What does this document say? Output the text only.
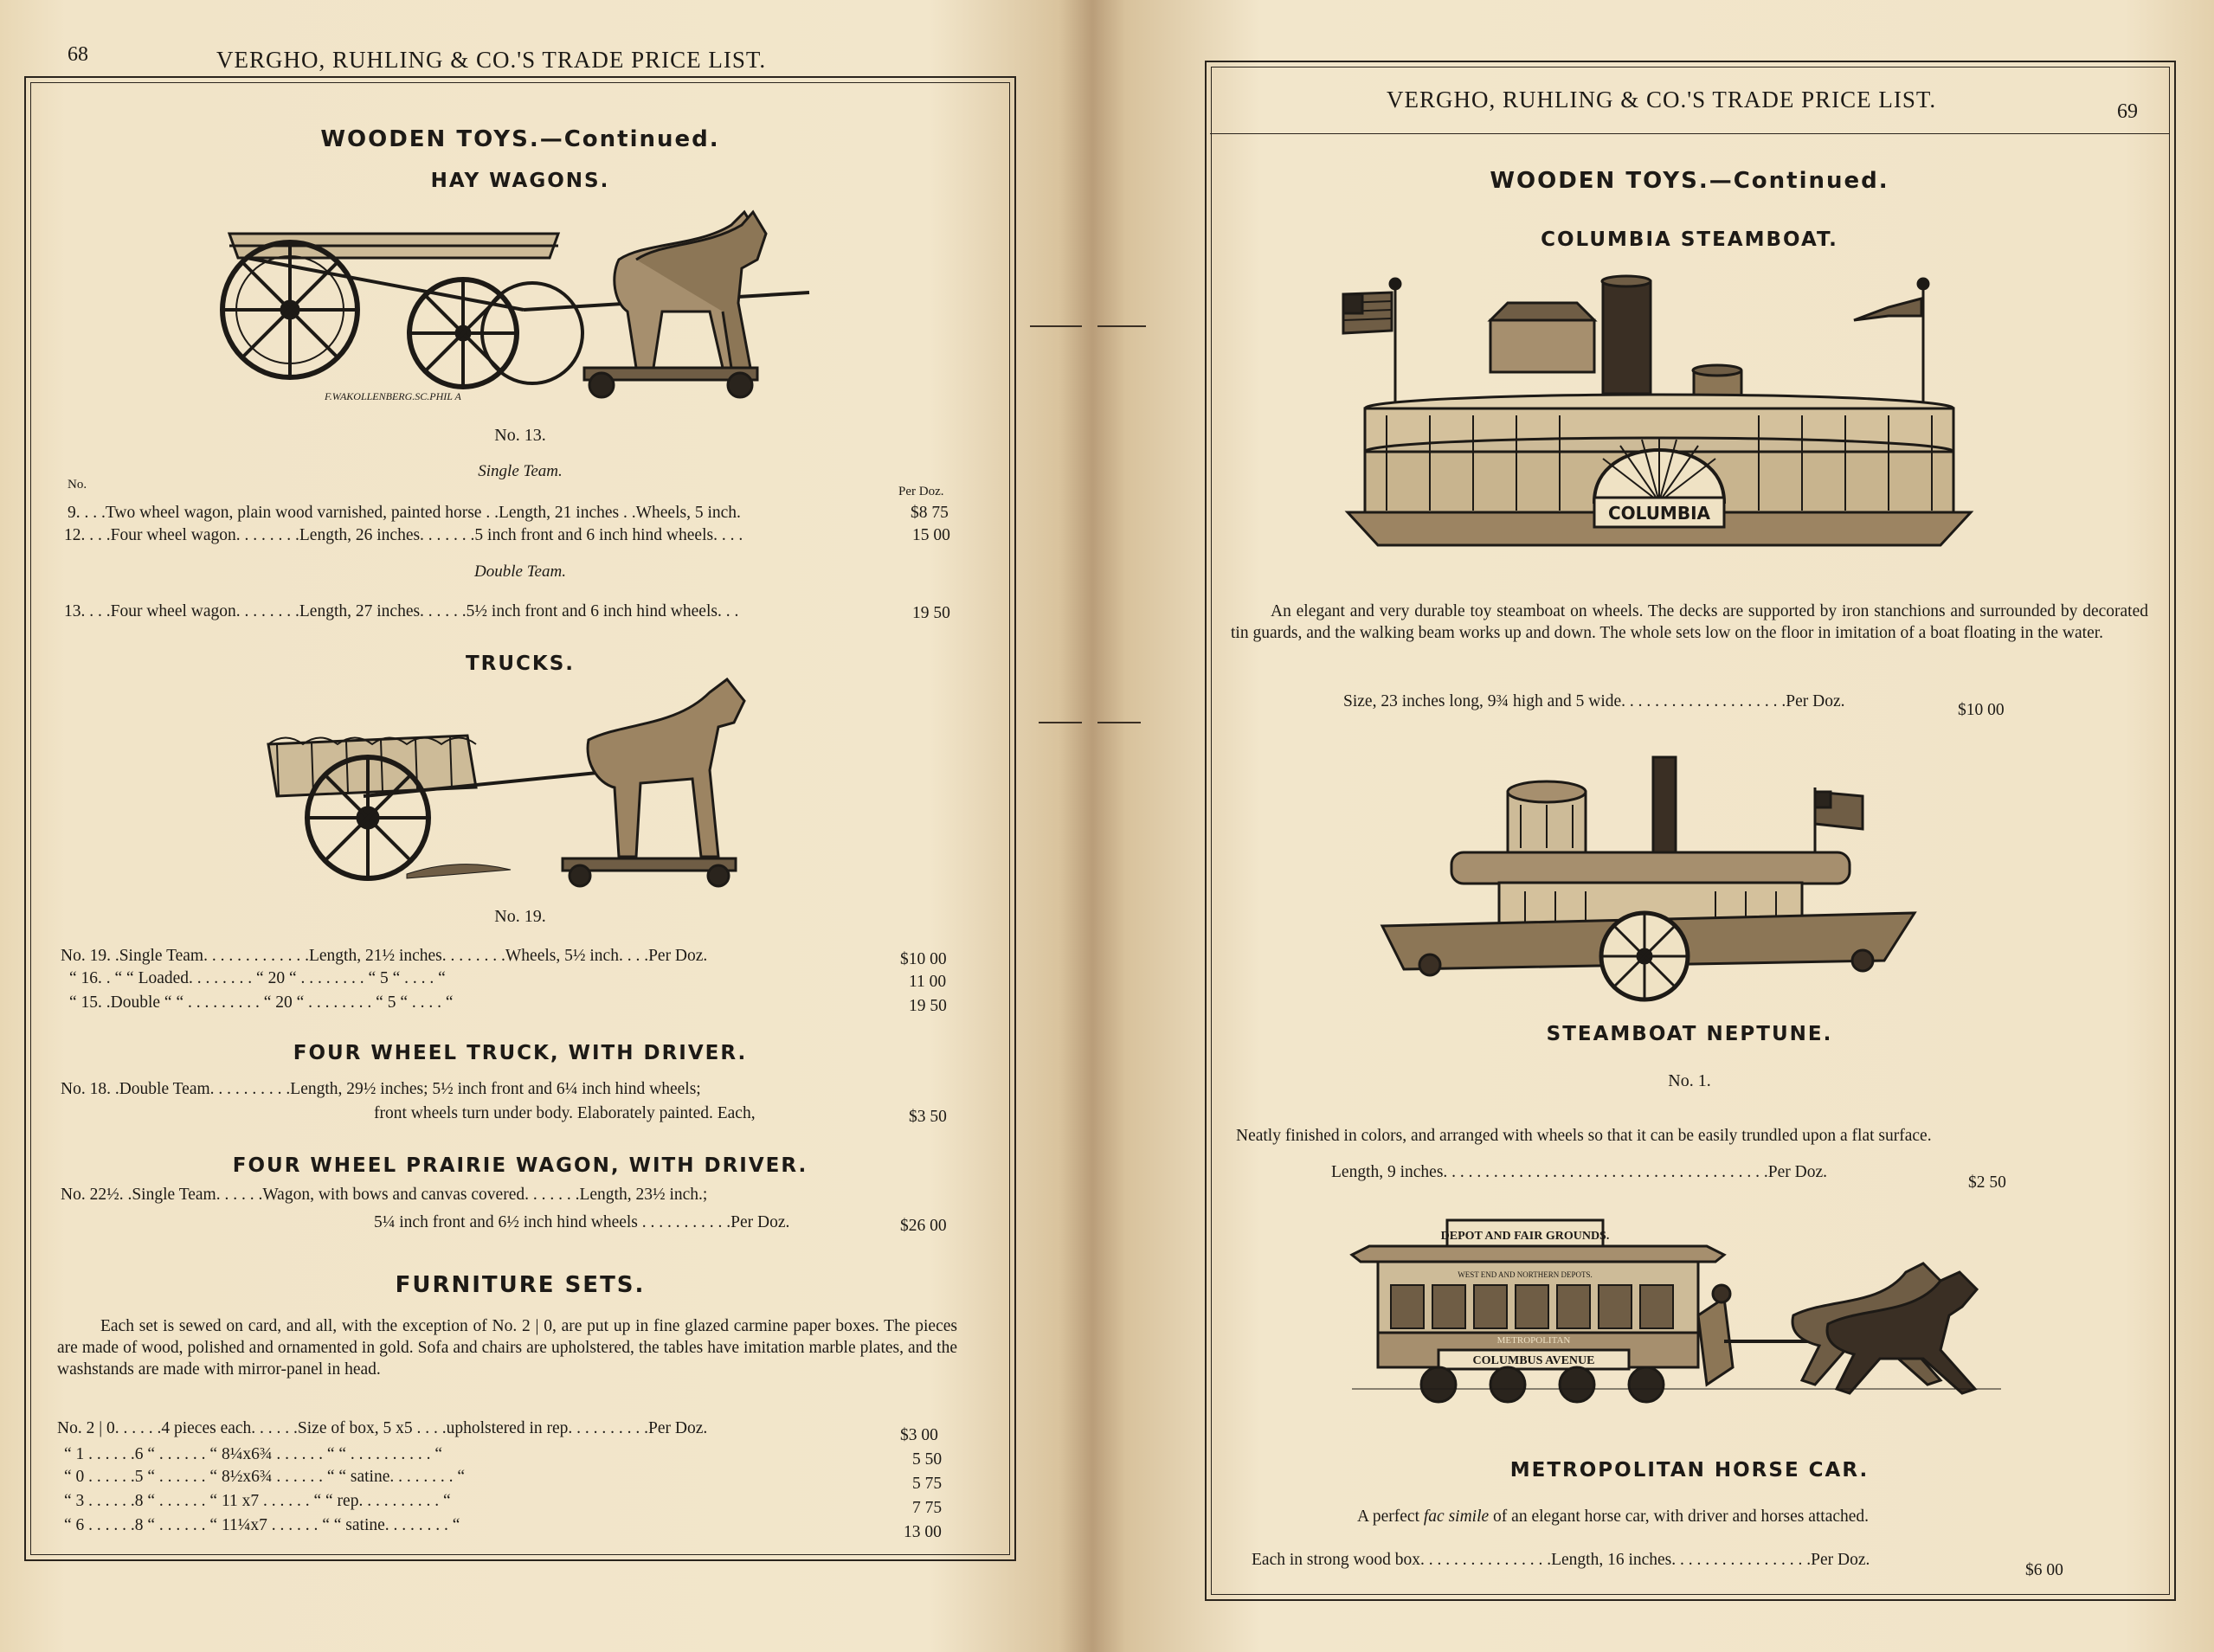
68	VERGHO, RUHLING & CO.'S TRADE PRICE LIST.
WOODEN TOYS.—Continued.
HAY WAGONS.
F.WAKOLLENBERG.SC.PHIL A
No. 13.
Single Team.
No.	Per Doz.
9. . . .Two wheel wagon, plain wood varnished, painted horse . .Length, 21 inches . .Wheels, 5 inch.	$8 75
12. . . .Four wheel wagon. . . . . . . .Length, 26 inches. . . . . . .5 inch front and 6 inch hind wheels. . . .	15 00
Double Team.
13. . . .Four wheel wagon. . . . . . . .Length, 27 inches. . . . . .5½ inch front and 6 inch hind wheels. . .	19 50
TRUCKS.
No. 19.
No. 19. .Single Team. . . . . . . . . . . . .Length, 21½ inches. . . . . . . .Wheels, 5½ inch. . . .Per Doz.	$10 00
“ 16. . “ “ Loaded. . . . . . . . “ 20 “ . . . . . . . . “ 5 “ . . . . “	11 00
“ 15. .Double “ “ . . . . . . . . . “ 20 “ . . . . . . . . “ 5 “ . . . . “	19 50
FOUR WHEEL TRUCK, WITH DRIVER.
No. 18. .Double Team. . . . . . . . . .Length, 29½ inches; 5½ inch front and 6¼ inch hind wheels;
front wheels turn under body. Elaborately painted. Each,	$3 50
FOUR WHEEL PRAIRIE WAGON, WITH DRIVER.
No. 22½. .Single Team. . . . . .Wagon, with bows and canvas covered. . . . . . .Length, 23½ inch.;
5¼ inch front and 6½ inch hind wheels . . . . . . . . . . .Per Doz.	$26 00
FURNITURE SETS.
Each set is sewed on card, and all, with the exception of No. 2 | 0, are put up in fine glazed carmine paper boxes. The pieces are made of wood, polished and ornamented in gold. Sofa and chairs are upholstered, the tables have imitation marble plates, and the washstands are made with mirror-panel in head.
No. 2 | 0. . . . . .4 pieces each. . . . . .Size of box, 5 x5 . . . .upholstered in rep. . . . . . . . . .Per Doz.	$3 00
“ 1 . . . . . .6 “ . . . . . . “ 8¼x6¾ . . . . . . “ “ . . . . . . . . . . “	5 50
“ 0 . . . . . .5 “ . . . . . . “ 8½x6¾ . . . . . . “ “ satine. . . . . . . . “	5 75
“ 3 . . . . . .8 “ . . . . . . “ 11 x7 . . . . . . “ “ rep. . . . . . . . . . “	7 75
“ 6 . . . . . .8 “ . . . . . . “ 11¼x7 . . . . . . “ “ satine. . . . . . . . “	13 00
VERGHO, RUHLING & CO.'S TRADE PRICE LIST.	69
WOODEN TOYS.—Continued.
COLUMBIA STEAMBOAT.
COLUMBIA
An elegant and very durable toy steamboat on wheels. The decks are supported by iron stanchions and surrounded by decorated tin guards, and the walking beam works up and down. The whole sets low on the floor in imitation of a boat floating in the water.
Size, 23 inches long, 9¾ high and 5 wide. . . . . . . . . . . . . . . . . . . .Per Doz.	$10 00
STEAMBOAT NEPTUNE.
No. 1.
Neatly finished in colors, and arranged with wheels so that it can be easily trundled upon a flat surface.
Length, 9 inches. . . . . . . . . . . . . . . . . . . . . . . . . . . . . . . . . . . . . . .Per Doz.
$2 50
DEPOT AND FAIR GROUNDS.
WEST END AND NORTHERN DEPOTS.
METROPOLITAN
COLUMBUS AVENUE
METROPOLITAN HORSE CAR.
A perfect fac simile of an elegant horse car, with driver and horses attached.
Each in strong wood box. . . . . . . . . . . . . . . .Length, 16 inches. . . . . . . . . . . . . . . . .Per Doz.
$6 00
